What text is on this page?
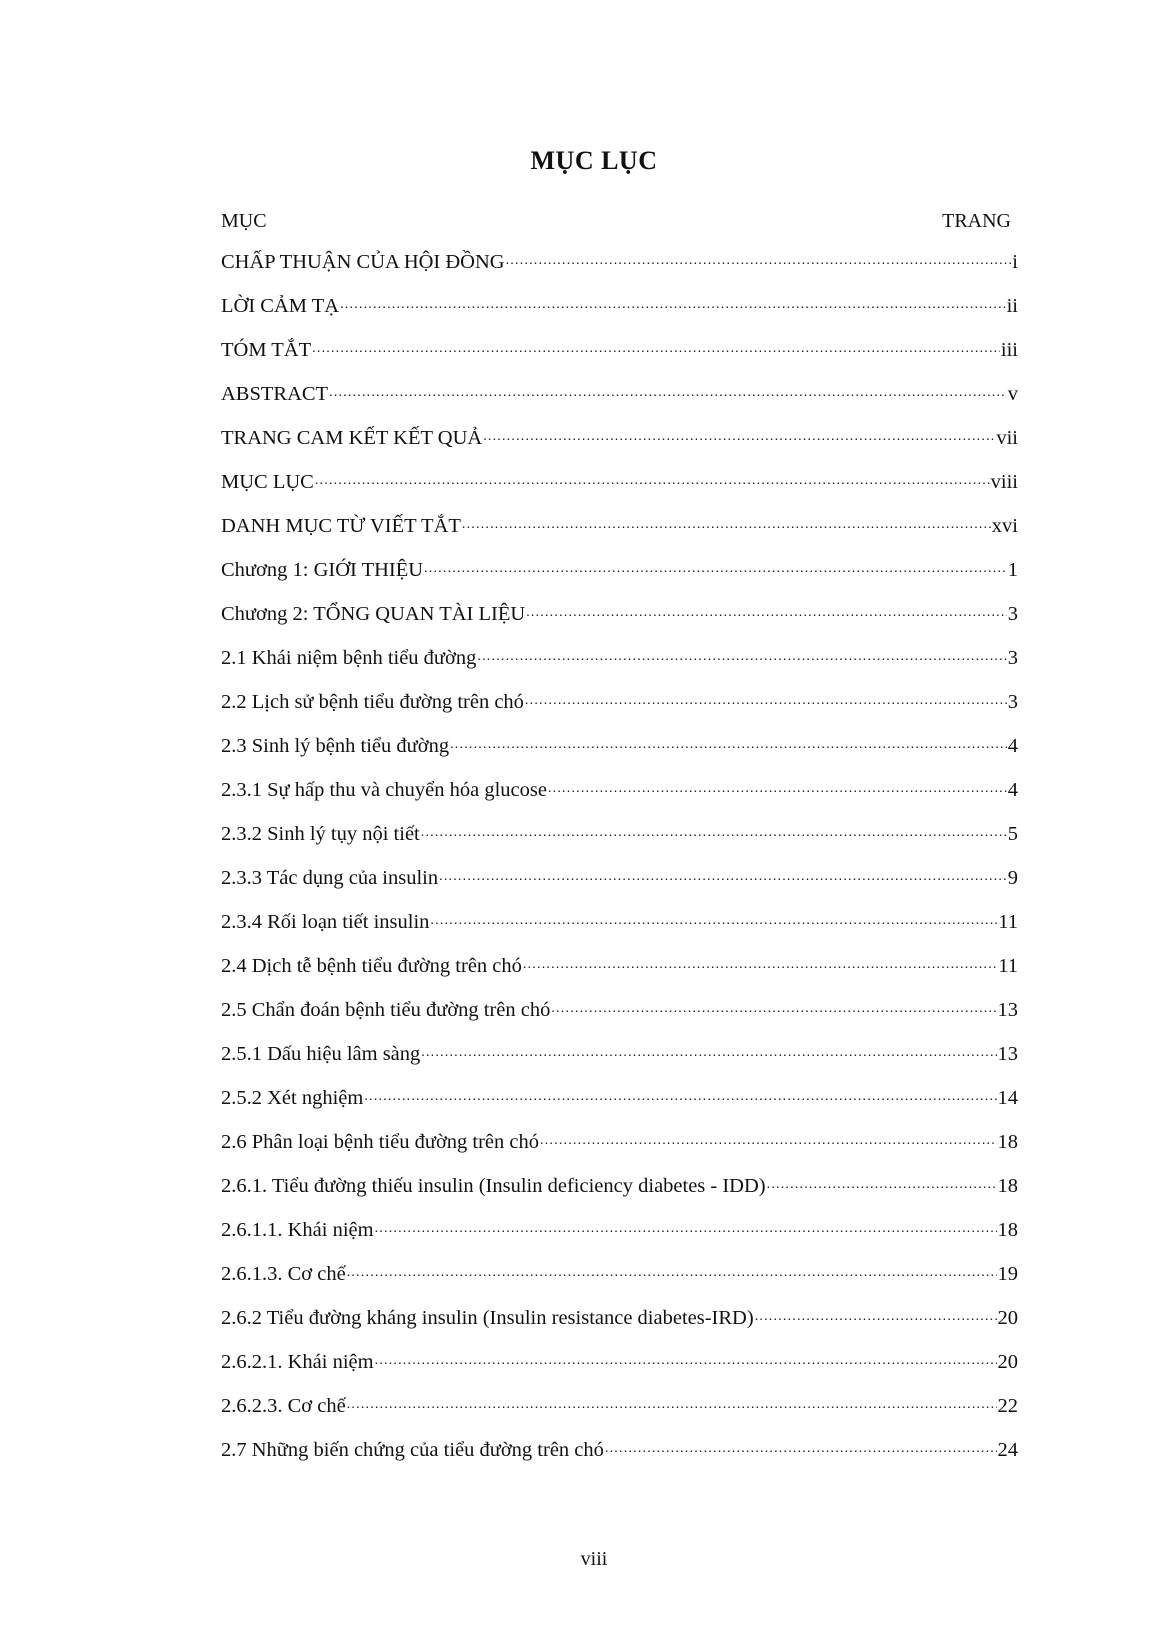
MỤC LỤC
MỤC	TRANG
CHẤP THUẬN CỦA HỘI ĐỒNG .....	i
LỜI CẢM TẠ .....	ii
TÓM TẮT .....	iii
ABSTRACT .....	v
TRANG CAM KẾT KẾT QUẢ .....	vii
MỤC LỤC .....	viii
DANH MỤC TỪ VIẾT TẮT .....	xvi
Chương 1: GIỚI THIỆU .....	1
Chương 2: TỔNG QUAN TÀI LIỆU .....	3
2.1 Khái niệm bệnh tiểu đường .....	3
2.2 Lịch sử bệnh tiểu đường trên chó .....	3
2.3 Sinh lý bệnh tiểu đường .....	4
2.3.1 Sự hấp thu và chuyển hóa glucose .....	4
2.3.2 Sinh lý tụy nội tiết .....	5
2.3.3 Tác dụng của insulin .....	9
2.3.4 Rối loạn tiết insulin .....	11
2.4 Dịch tễ bệnh tiểu đường trên chó .....	11
2.5 Chẩn đoán bệnh tiểu đường trên chó .....	13
2.5.1 Dấu hiệu lâm sàng .....	13
2.5.2 Xét nghiệm .....	14
2.6 Phân loại bệnh tiểu đường trên chó .....	18
2.6.1. Tiểu đường thiếu insulin (Insulin deficiency diabetes - IDD) .....	18
2.6.1.1. Khái niệm .....	18
2.6.1.3. Cơ chế .....	19
2.6.2 Tiểu đường kháng insulin (Insulin resistance diabetes-IRD) .....	20
2.6.2.1. Khái niệm .....	20
2.6.2.3. Cơ chế .....	22
2.7 Những biến chứng của tiểu đường trên chó .....	24
viii
